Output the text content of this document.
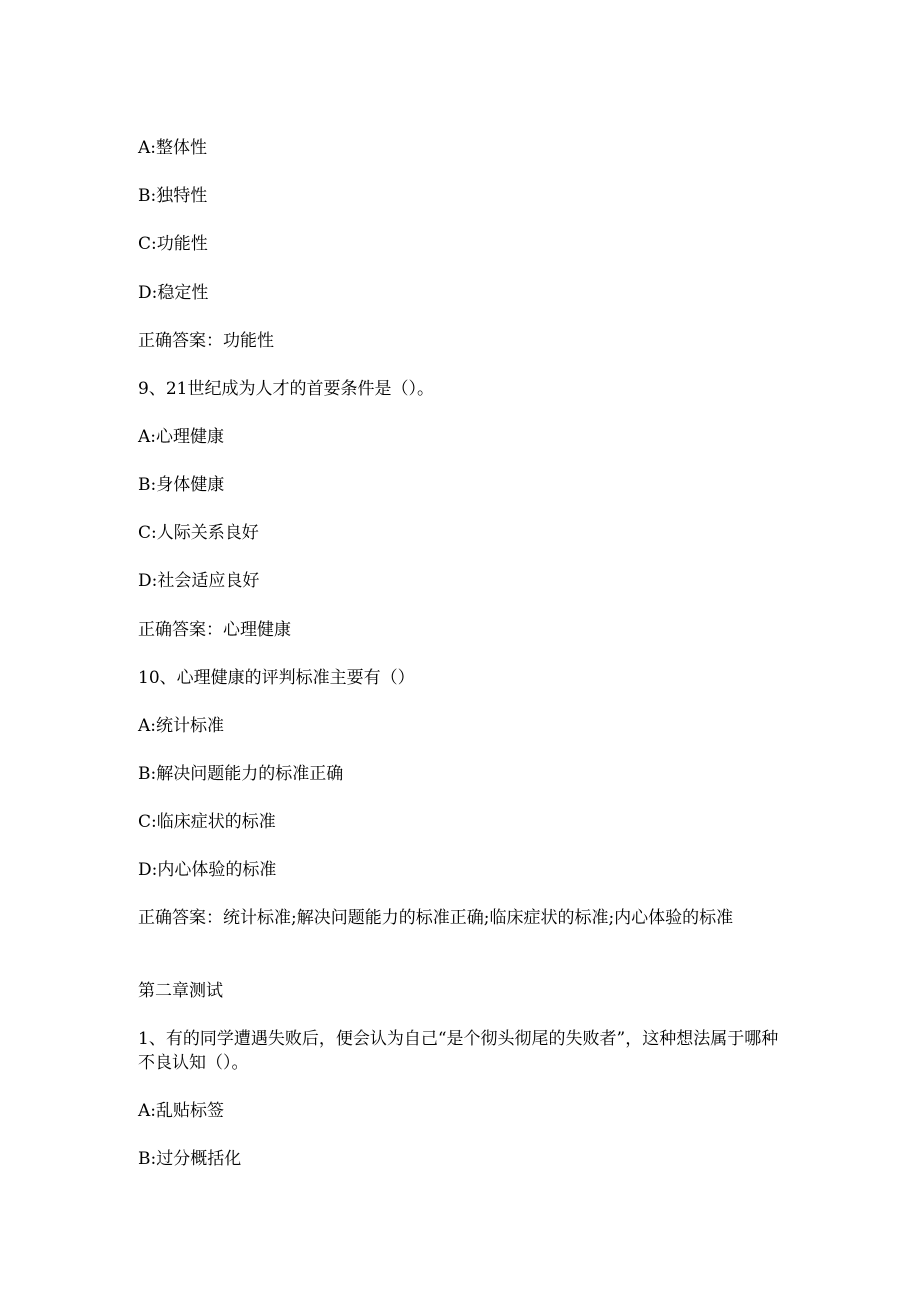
A:整体性
B:独特性
C:功能性
D:稳定性
正确答案：功能性
9、21世纪成为人才的首要条件是（）。
A:心理健康
B:身体健康
C:人际关系良好
D:社会适应良好
正确答案：心理健康
10、心理健康的评判标准主要有（）
A:统计标准
B:解决问题能力的标准正确
C:临床症状的标准
D:内心体验的标准
正确答案：统计标准;解决问题能力的标准正确;临床症状的标准;内心体验的标准
第二章测试
1、有的同学遭遇失败后，便会认为自己“是个彻头彻尾的失败者”，这种想法属于哪种不良认知（）。
A:乱贴标签
B:过分概括化
